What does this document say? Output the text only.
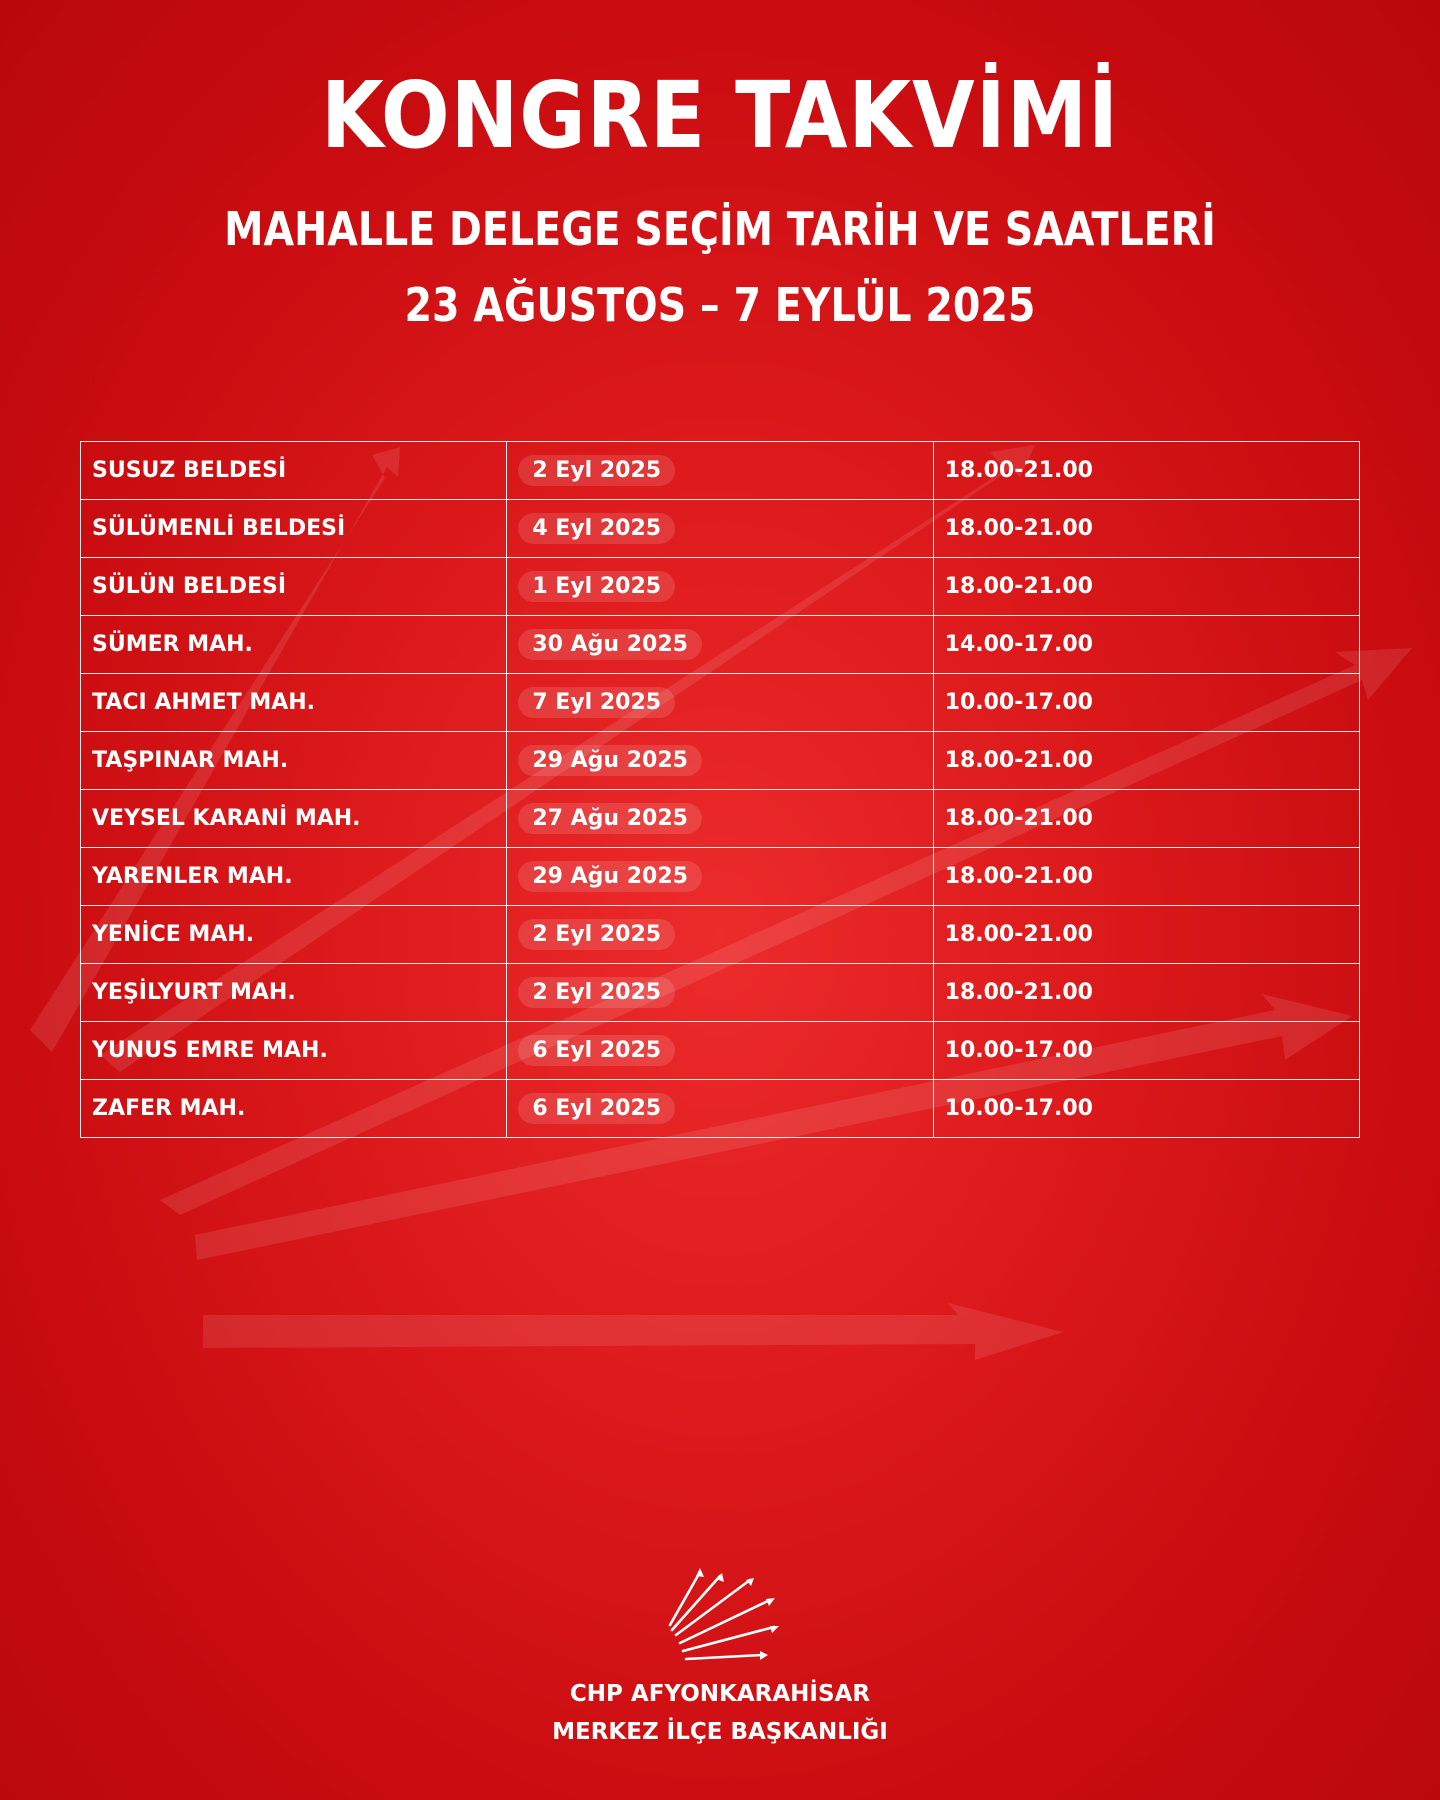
KONGRE TAKVİMİ
MAHALLE DELEGE SEÇİM TARİH VE SAATLERİ
23 AĞUSTOS – 7 EYLÜL 2025
SUSUZ BELDESİ	2 Eyl 2025	18.00-21.00
SÜLÜMENLİ BELDESİ	4 Eyl 2025	18.00-21.00
SÜLÜN BELDESİ	1 Eyl 2025	18.00-21.00
SÜMER MAH.	30 Ağu 2025	14.00-17.00
TACI AHMET MAH.	7 Eyl 2025	10.00-17.00
TAŞPINAR MAH.	29 Ağu 2025	18.00-21.00
VEYSEL KARANİ MAH.	27 Ağu 2025	18.00-21.00
YARENLER MAH.	29 Ağu 2025	18.00-21.00
YENİCE MAH.	2 Eyl 2025	18.00-21.00
YEŞİLYURT MAH.	2 Eyl 2025	18.00-21.00
YUNUS EMRE MAH.	6 Eyl 2025	10.00-17.00
ZAFER MAH.	6 Eyl 2025	10.00-17.00
CHP AFYONKARAHİSAR
MERKEZ İLÇE BAŞKANLIĞI
